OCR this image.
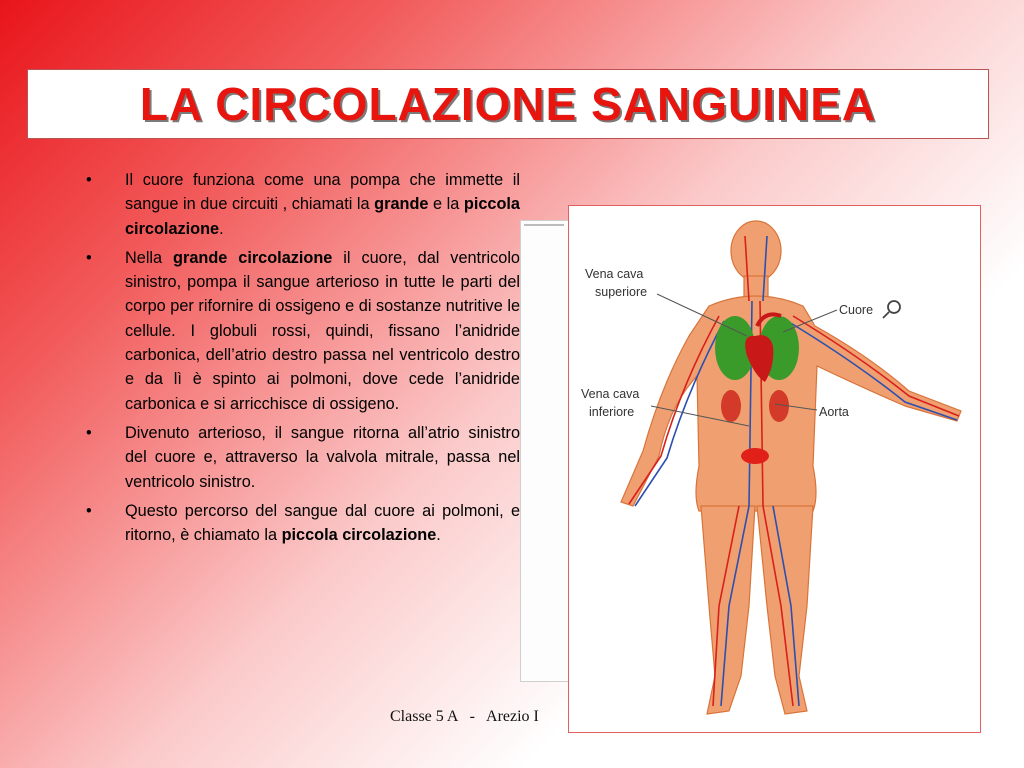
LA CIRCOLAZIONE SANGUINEA
• Il cuore funziona come una pompa che immette il sangue in due circuiti , chiamati la grande e la piccola circolazione.
• Nella grande circolazione il cuore, dal ventricolo sinistro, pompa il sangue arterioso in tutte le parti del corpo per rifornire di ossigeno e di sostanze nutritive le cellule. I globuli rossi, quindi, fissano l’anidride carbonica, dell’atrio destro passa nel ventricolo destro e da lì è spinto ai polmoni, dove cede l’anidride carbonica e si arricchisce di ossigeno.
• Divenuto arterioso, il sangue ritorna all’atrio sinistro del cuore e, attraverso la valvola mitrale, passa nel ventricolo sinistro.
• Questo percorso del sangue dal cuore ai polmoni, e ritorno, è chiamato la piccola circolazione.
Vena cava
superiore
Cuore
Vena cava
inferiore	Aorta
Classe 5 A   -   Arezio I
